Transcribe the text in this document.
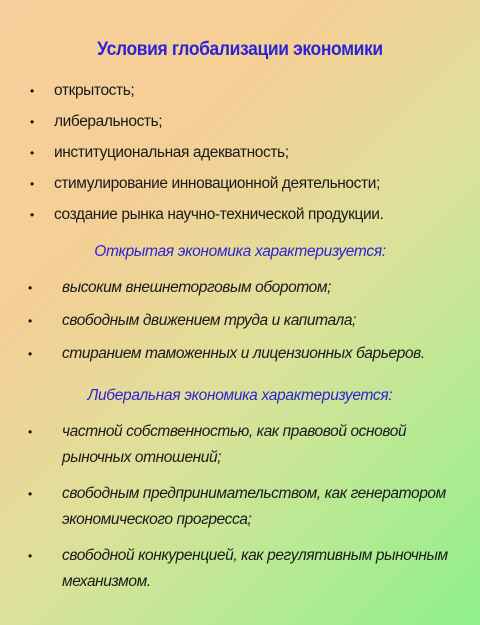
Условия глобализации экономики
• открытость;
• либеральность;
• институциональная адекватность;
• стимулирование инновационной деятельности;
• создание рынка научно-технической продукции.
Открытая экономика характеризуется:
• высоким внешнеторговым оборотом;
• свободным движением труда и капитала;
• стиранием таможенных и лицензионных барьеров.
Либеральная экономика характеризуется:
• частной собственностью, как правовой основой рыночных отношений;
• свободным предпринимательством, как генератором экономического прогресса;
• свободной конкуренцией, как регулятивным рыночным механизмом.
